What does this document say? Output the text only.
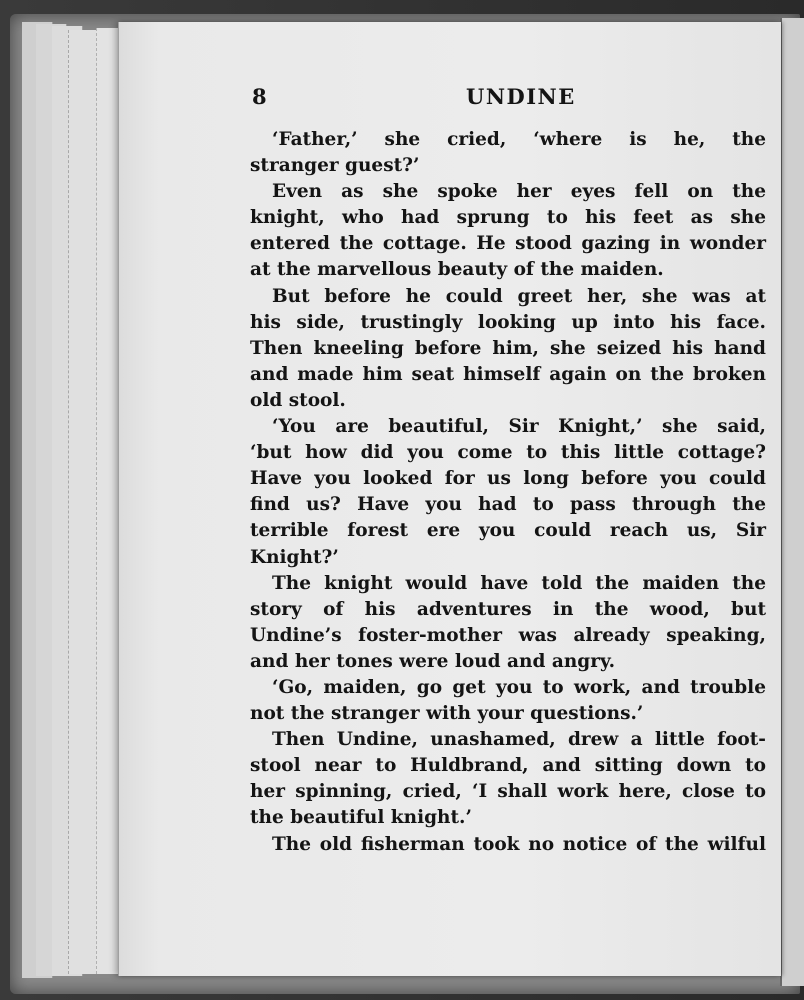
8	UNDINE
‘Father,’ she cried, ‘where is he, the
stranger guest?’
Even as she spoke her eyes fell on the
knight, who had sprung to his feet as she
entered the cottage. He stood gazing in wonder
at the marvellous beauty of the maiden.
But before he could greet her, she was at
his side, trustingly looking up into his face.
Then kneeling before him, she seized his hand
and made him seat himself again on the broken
old stool.
‘You are beautiful, Sir Knight,’ she said,
‘but how did you come to this little cottage?
Have you looked for us long before you could
find us? Have you had to pass through the
terrible forest ere you could reach us, Sir
Knight?’
The knight would have told the maiden the
story of his adventures in the wood, but
Undine’s foster-mother was already speaking,
and her tones were loud and angry.
‘Go, maiden, go get you to work, and trouble
not the stranger with your questions.’
Then Undine, unashamed, drew a little foot-
stool near to Huldbrand, and sitting down to
her spinning, cried, ‘I shall work here, close to
the beautiful knight.’
The old fisherman took no notice of the wilful
